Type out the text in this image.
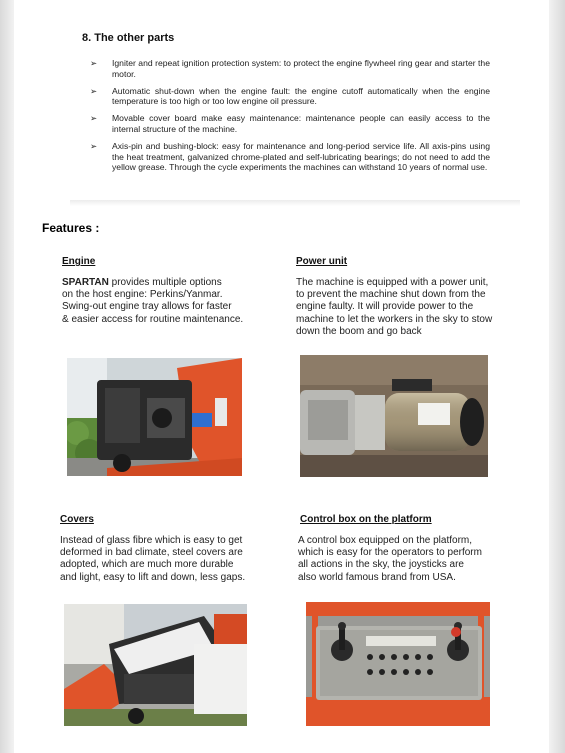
8. The other parts
➢ Igniter and repeat ignition protection system: to protect the engine flywheel ring gear and starter the motor.
➢ Automatic shut-down when the engine fault: the engine cutoff automatically when the engine temperature is too high or too low engine oil pressure.
➢ Movable cover board make easy maintenance: maintenance people can easily access to the internal structure of the machine.
➢ Axis-pin and bushing-block: easy for maintenance and long-period service life. All axis-pins using the heat treatment, galvanized chrome-plated and self-lubricating bearings; do not need to add the yellow grease. Through the cycle experiments the machines can withstand 10 years of normal use.
Features :
Engine
SPARTAN provides multiple options
on the host engine: Perkins/Yanmar.
Swing-out engine tray allows for faster
& easier access for routine maintenance.
Power unit
The machine is equipped with a power unit,
to prevent the machine shut down from the
engine faulty. It will provide power to the
machine to let the workers in the sky to stow
down the boom and go back
Covers
Instead of glass fibre which is easy to get
deformed in bad climate, steel covers are
adopted, which are much more durable
and light, easy to lift and down, less gaps.
Control box on the platform
A control box equipped on the platform,
which is easy for the operators to perform
all actions in the sky, the joysticks are
also world famous brand from USA.
